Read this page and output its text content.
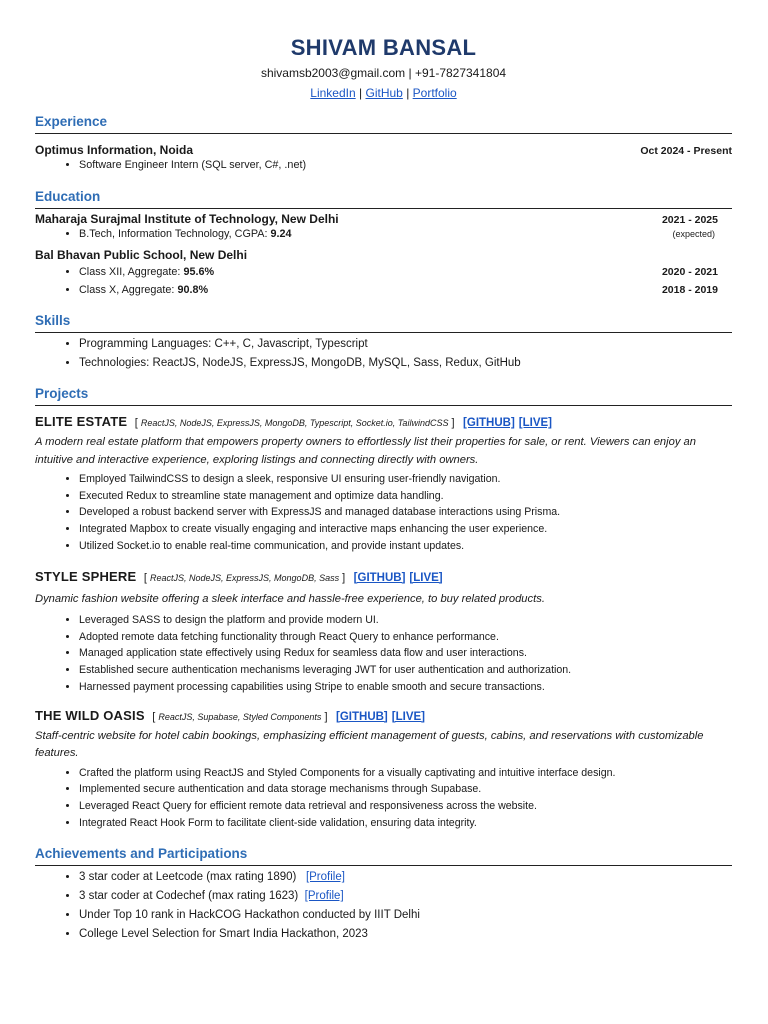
SHIVAM BANSAL
shivamsb2003@gmail.com | +91-7827341804
LinkedIn | GitHub | Portfolio
Experience
Optimus Information, Noida	Oct 2024 - Present
• Software Engineer Intern (SQL server, C#, .net)
Education
Maharaja Surajmal Institute of Technology, New Delhi	2021 - 2025
• B.Tech, Information Technology, CGPA: 9.24	(expected)
Bal Bhavan Public School, New Delhi
• Class XII, Aggregate: 95.6%	2020 - 2021
• Class X, Aggregate: 90.8%	2018 - 2019
Skills
• Programming Languages: C++, C, Javascript, Typescript
• Technologies: ReactJS, NodeJS, ExpressJS, MongoDB, MySQL, Sass, Redux, GitHub
Projects
ELITE ESTATE  [ ReactJS, NodeJS, ExpressJS, MongoDB, Typescript, Socket.io, TailwindCSS ] [GITHUB] [LIVE]
A modern real estate platform that empowers property owners to effortlessly list their properties for sale, or rent. Viewers can enjoy an intuitive and interactive experience, exploring listings and connecting directly with owners.
• Employed TailwindCSS to design a sleek, responsive UI ensuring user-friendly navigation.
• Executed Redux to streamline state management and optimize data handling.
• Developed a robust backend server with ExpressJS and managed database interactions using Prisma.
• Integrated Mapbox to create visually engaging and interactive maps enhancing the user experience.
• Utilized Socket.io to enable real-time communication, and provide instant updates.
STYLE SPHERE  [ ReactJS, NodeJS, ExpressJS, MongoDB, Sass ] [GITHUB] [LIVE]
Dynamic fashion website offering a sleek interface and hassle-free experience, to buy related products.
• Leveraged SASS to design the platform and provide modern UI.
• Adopted remote data fetching functionality through React Query to enhance performance.
• Managed application state effectively using Redux for seamless data flow and user interactions.
• Established secure authentication mechanisms leveraging JWT for user authentication and authorization.
• Harnessed payment processing capabilities using Stripe to enable smooth and secure transactions.
THE WILD OASIS  [ ReactJS, Supabase, Styled Components ] [GITHUB] [LIVE]
Staff-centric website for hotel cabin bookings, emphasizing efficient management of guests, cabins, and reservations with customizable features.
• Crafted the platform using ReactJS and Styled Components for a visually captivating and intuitive interface design.
• Implemented secure authentication and data storage mechanisms through Supabase.
• Leveraged React Query for efficient remote data retrieval and responsiveness across the website.
• Integrated React Hook Form to facilitate client-side validation, ensuring data integrity.
Achievements and Participations
• 3 star coder at Leetcode (max rating 1890) [Profile]
• 3 star coder at Codechef (max rating 1623) [Profile]
• Under Top 10 rank in HackCOG Hackathon conducted by IIIT Delhi
• College Level Selection for Smart India Hackathon, 2023
